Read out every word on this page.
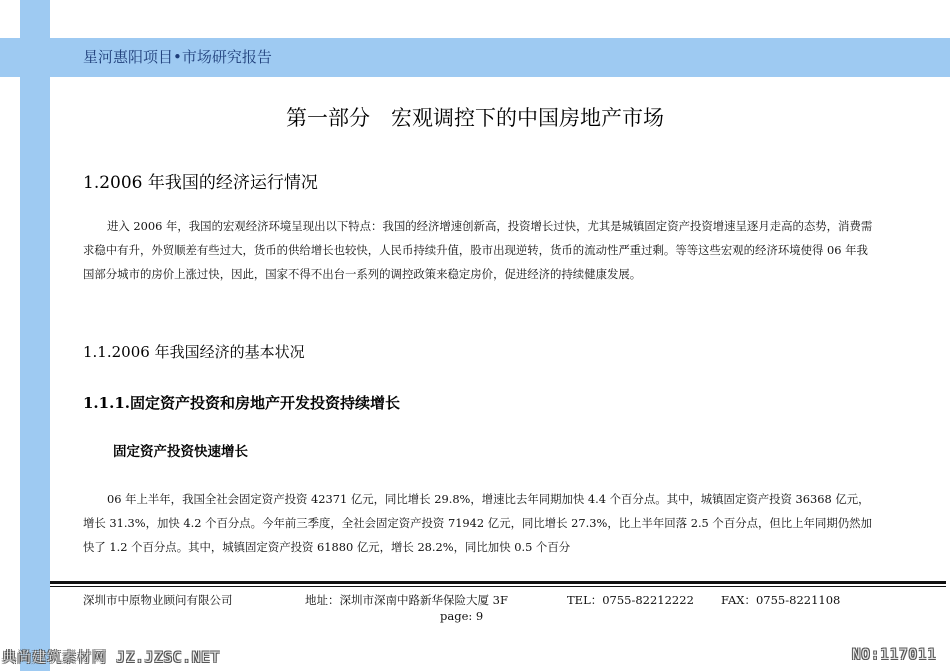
星河惠阳项目•市场研究报告
第一部分　宏观调控下的中国房地产市场
1.2006 年我国的经济运行情况

进入 2006 年，我国的宏观经济环境呈现出以下特点：我国的经济增速创新高，投资增长过快，尤其是城镇固定资产投资增速呈逐月走高的态势，消费需求稳中有升，外贸顺差有些过大，货币的供给增长也较快，人民币持续升值，股市出现逆转，货币的流动性严重过剩。等等这些宏观的经济环境使得 06 年我国部分城市的房价上涨过快，因此，国家不得不出台一系列的调控政策来稳定房价，促进经济的持续健康发展。

1.1.2006 年我国经济的基本状况
1.1.1.固定资产投资和房地产开发投资持续增长
固定资产投资快速增长

06 年上半年，我国全社会固定资产投资 42371 亿元，同比增长 29.8%，增速比去年同期加快 4.4 个百分点。其中，城镇固定资产投资 36368 亿元，增长 31.3%，加快 4.2 个百分点。今年前三季度，全社会固定资产投资 71942 亿元，同比增长 27.3%，比上半年回落 2.5 个百分点，但比上年同期仍然加快了 1.2 个百分点。其中，城镇固定资产投资 61880 亿元，增长 28.2%，同比加快 0.5 个百分

深圳市中原物业顾问有限公司	地址：深圳市深南中路新华保险大厦 3F	TEL：0755-82212222 FAX：0755-8221108
page: 9
典尚建筑素材网 JZ.JZSC.NET	NO:117011
